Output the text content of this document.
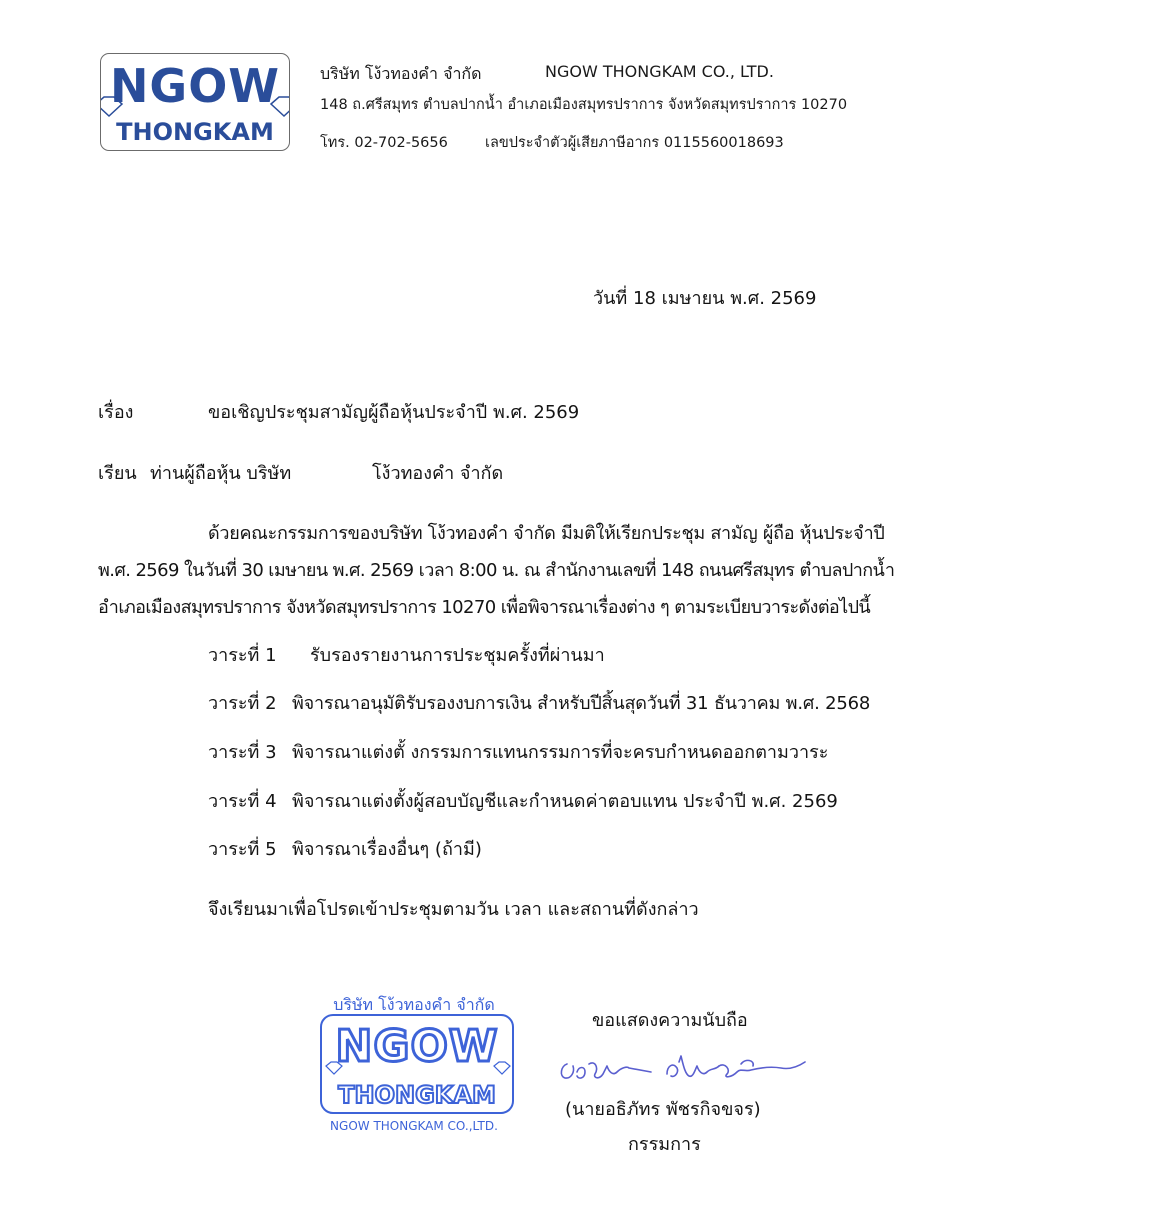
NGOW
THONGKAM
บริษัท โง้วทองคำ จำกัด	NGOW THONGKAM CO., LTD.
148 ถ.ศรีสมุทร ตำบลปากน้ำ อำเภอเมืองสมุทรปราการ จังหวัดสมุทรปราการ 10270
โทร. 02-702-5656	เลขประจำตัวผู้เสียภาษีอากร 0115560018693
วันที่ 18 เมษายน พ.ศ. 2569
เรื่อง	ขอเชิญประชุมสามัญผู้ถือหุ้นประจำปี พ.ศ. 2569
เรียน ท่านผู้ถือหุ้น บริษัท	โง้วทองคำ จำกัด
ด้วยคณะกรรมการของบริษัท โง้วทองคำ จำกัด มีมติให้เรียกประชุม สามัญ ผู้ถือ หุ้นประจำปี
พ.ศ. 2569 ในวันที่ 30 เมษายน พ.ศ. 2569 เวลา 8:00 น. ณ สำนักงานเลขที่ 148 ถนนศรีสมุทร ตำบลปากน้ำ
อำเภอเมืองสมุทรปราการ จังหวัดสมุทรปราการ 10270 เพื่อพิจารณาเรื่องต่าง ๆ ตามระเบียบวาระดังต่อไปนี้
วาระที่ 1 รับรองรายงานการประชุมครั้งที่ผ่านมา
วาระที่ 2 พิจารณาอนุมัติรับรองงบการเงิน สำหรับปีสิ้นสุดวันที่ 31 ธันวาคม พ.ศ. 2568
วาระที่ 3 พิจารณาแต่งตั้ งกรรมการแทนกรรมการที่จะครบกำหนดออกตามวาระ
วาระที่ 4 พิจารณาแต่งตั้งผู้สอบบัญชีและกำหนดค่าตอบแทน ประจำปี พ.ศ. 2569
วาระที่ 5 พิจารณาเรื่องอื่นๆ (ถ้ามี)
จึงเรียนมาเพื่อโปรดเข้าประชุมตามวัน เวลา และสถานที่ดังกล่าว
บริษัท โง้วทองคำ จำกัด
NGOW
THONGKAM
NGOW THONGKAM CO.,LTD.
ขอแสดงความนับถือ
(นายอธิภัทร พัชรกิจขจร)
กรรมการ
